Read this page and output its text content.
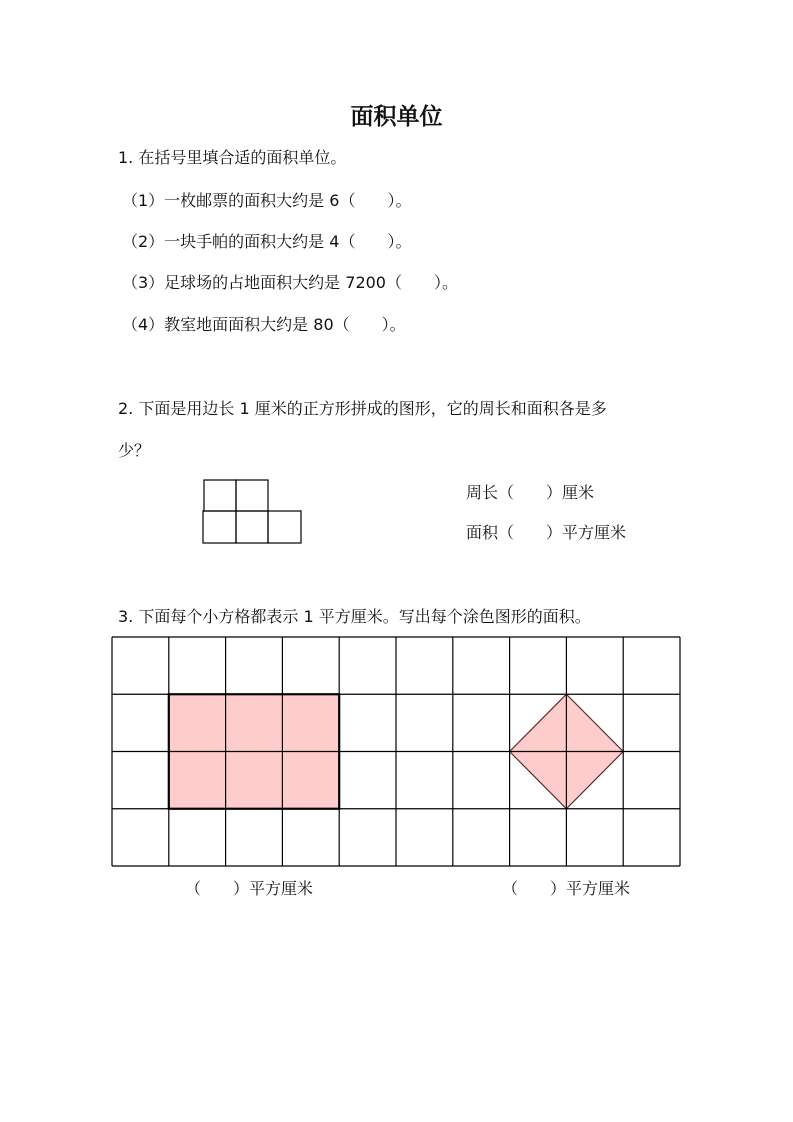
面积单位
1. 在括号里填合适的面积单位。
（1）一枚邮票的面积大约是 6（　　）。
（2）一块手帕的面积大约是 4（　　）。
（3）足球场的占地面积大约是 7200（　　）。
（4）教室地面面积大约是 80（　　）。
2. 下面是用边长 1 厘米的正方形拼成的图形，它的周长和面积各是多
少？
周长（　　）厘米
面积（　　）平方厘米
3. 下面每个小方格都表示 1 平方厘米。写出每个涂色图形的面积。
（　　）平方厘米	（　　）平方厘米
